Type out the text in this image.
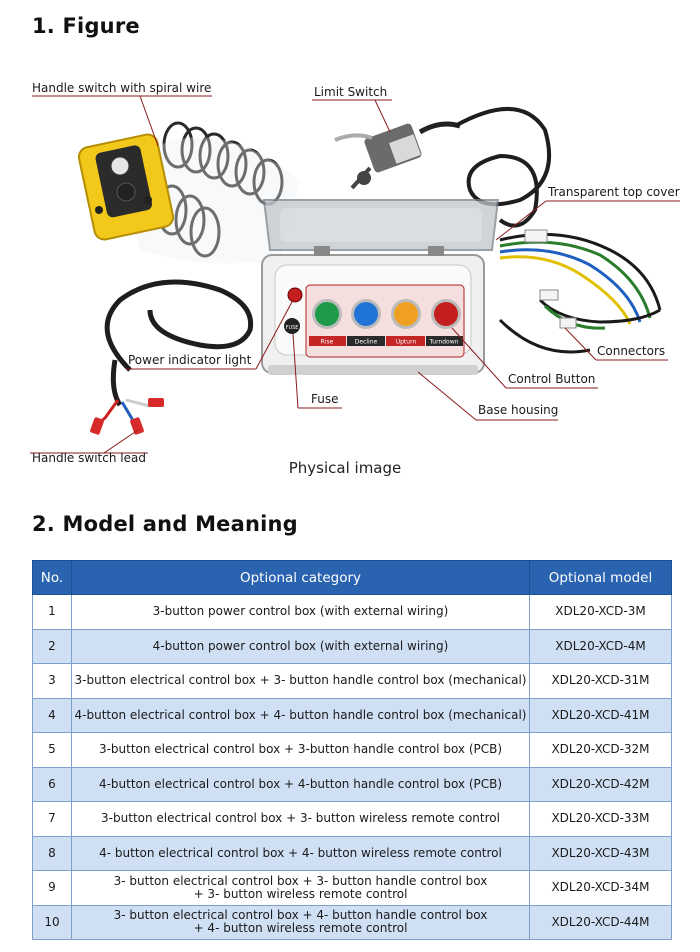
1. Figure
FUSE
Rise	Decline	Upturn Turndown
Handle switch with spiral wire	Limit Switch
Transparent top cover
Connectors
Power indicator light
Control Button
Fuse
Base housing
Handle switch lead
Physical image
2. Model and Meaning
No.	Optional category	Optional model
1	3-button power control box (with external wiring)	XDL20-XCD-3M
2	4-button power control box (with external wiring)	XDL20-XCD-4M
3	3-button electrical control box + 3- button handle control box (mechanical)	XDL20-XCD-31M
4	4-button electrical control box + 4- button handle control box (mechanical)	XDL20-XCD-41M
5	3-button electrical control box + 3-button handle control box (PCB)	XDL20-XCD-32M
6	4-button electrical control box + 4-button handle control box (PCB)	XDL20-XCD-42M
7	3-button electrical control box + 3- button wireless remote control	XDL20-XCD-33M
8	4- button electrical control box + 4- button wireless remote control	XDL20-XCD-43M
9	3- button electrical control box + 3- button handle control box
+ 3- button wireless remote control	XDL20-XCD-34M
10	3- button electrical control box + 4- button handle control box
+ 4- button wireless remote control	XDL20-XCD-44M
